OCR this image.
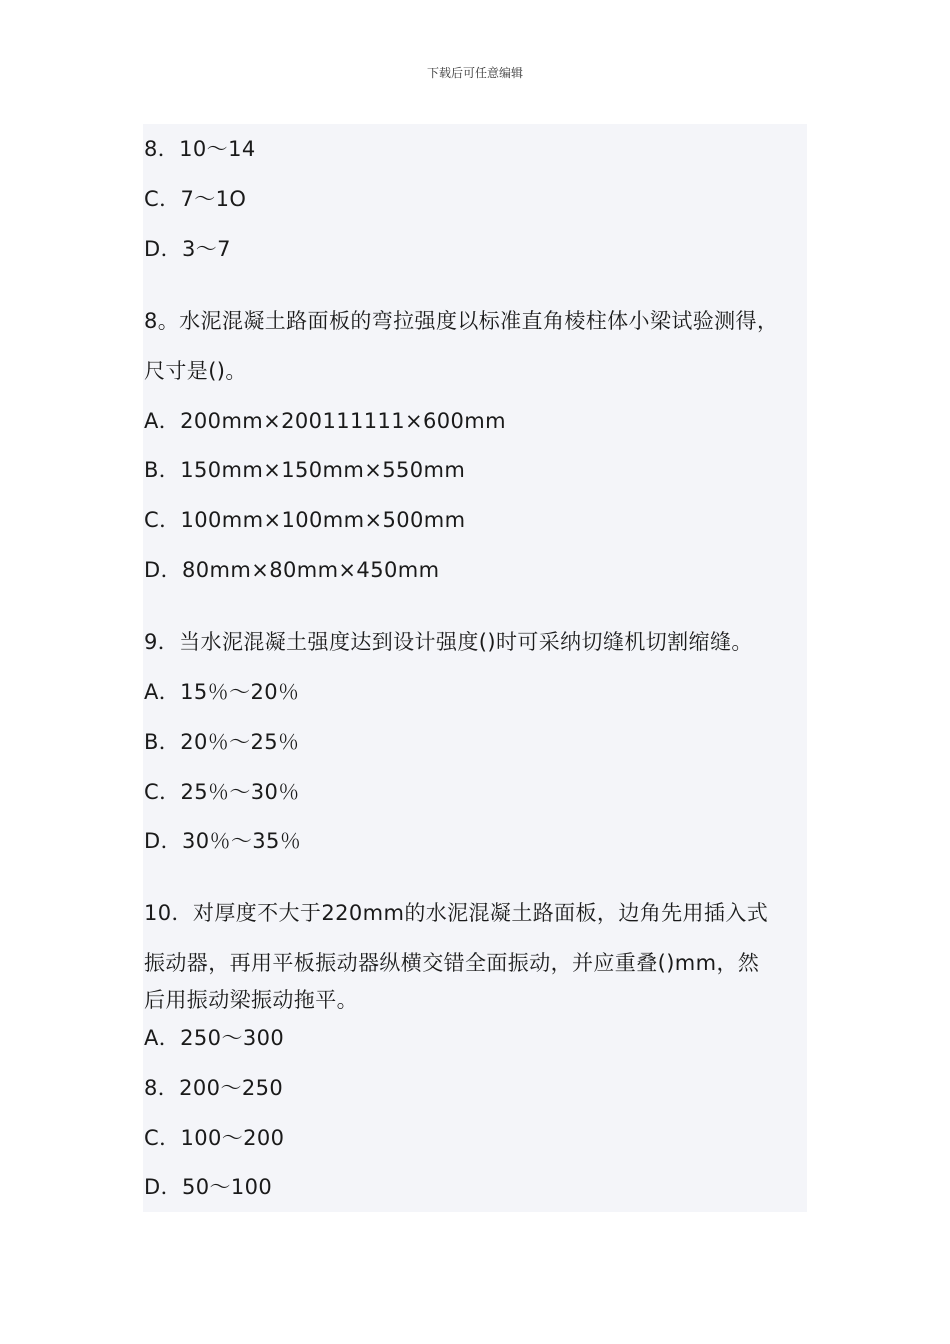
下载后可任意编辑
8．10～14
C．7～1O
D．3～7
8。水泥混凝土路面板的弯拉强度以标准直角棱柱体小梁试验测得，
尺寸是()。
A．200mm×200111111×600mm
B．150mm×150mm×550mm
C．100mm×100mm×500mm
D．80mm×80mm×450mm
9．当水泥混凝土强度达到设计强度()时可采纳切缝机切割缩缝。
A．15％～20％
B．20％～25％
C．25％～30％
D．30％～35％
10．对厚度不大于220mm的水泥混凝土路面板，边角先用插入式
振动器，再用平板振动器纵横交错全面振动，并应重叠()mm，然
后用振动梁振动拖平。
A．250～300
8．200～250
C．100～200
D．50～100
